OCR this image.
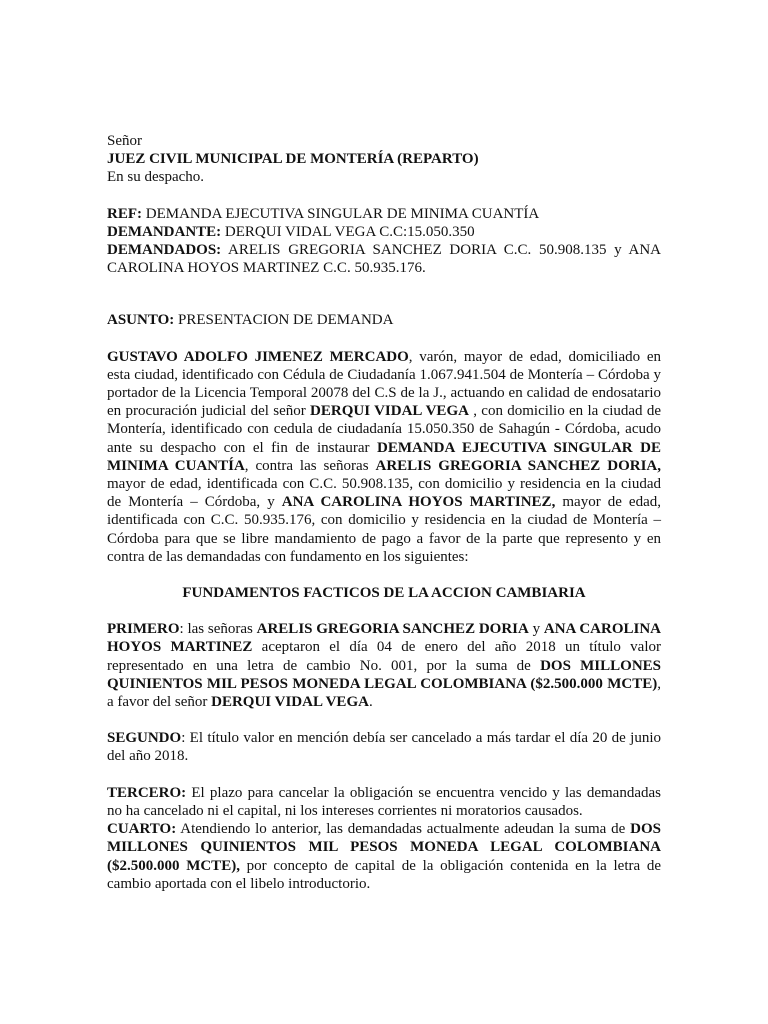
Señor

JUEZ CIVIL MUNICIPAL DE MONTERÍA (REPARTO)

En su despacho.

REF: DEMANDA EJECUTIVA SINGULAR DE MINIMA CUANTÍA

DEMANDANTE: DERQUI VIDAL VEGA C.C:15.050.350

DEMANDADOS: ARELIS GREGORIA SANCHEZ DORIA C.C. 50.908.135 y ANA CAROLINA HOYOS MARTINEZ C.C. 50.935.176.

ASUNTO: PRESENTACION DE DEMANDA

GUSTAVO ADOLFO JIMENEZ MERCADO, varón, mayor de edad, domiciliado en esta ciudad, identificado con Cédula de Ciudadanía 1.067.941.504 de Montería – Córdoba y portador de la Licencia Temporal 20078 del C.S de la J., actuando en calidad de endosatario en procuración judicial del señor DERQUI VIDAL VEGA , con domicilio en la ciudad de Montería, identificado con cedula de ciudadanía 15.050.350 de Sahagún - Córdoba, acudo ante su despacho con el fin de instaurar DEMANDA EJECUTIVA SINGULAR DE MINIMA CUANTÍA, contra las señoras ARELIS GREGORIA SANCHEZ DORIA, mayor de edad, identificada con C.C. 50.908.135, con domicilio y residencia en la ciudad de Montería – Córdoba, y ANA CAROLINA HOYOS MARTINEZ, mayor de edad, identificada con C.C. 50.935.176, con domicilio y residencia en la ciudad de Montería – Córdoba para que se libre mandamiento de pago a favor de la parte que represento y en contra de las demandadas con fundamento en los siguientes:

FUNDAMENTOS FACTICOS DE LA ACCION CAMBIARIA

PRIMERO: las señoras ARELIS GREGORIA SANCHEZ DORIA y ANA CAROLINA HOYOS MARTINEZ aceptaron el día 04 de enero del año 2018 un título valor representado en una letra de cambio No. 001, por la suma de DOS MILLONES QUINIENTOS MIL PESOS MONEDA LEGAL COLOMBIANA ($2.500.000 MCTE), a favor del señor DERQUI VIDAL VEGA.

SEGUNDO: El título valor en mención debía ser cancelado a más tardar el día 20 de junio del año 2018.

TERCERO: El plazo para cancelar la obligación se encuentra vencido y las demandadas no ha cancelado ni el capital, ni los intereses corrientes ni moratorios causados.

CUARTO: Atendiendo lo anterior, las demandadas actualmente adeudan la suma de DOS MILLONES QUINIENTOS MIL PESOS MONEDA LEGAL COLOMBIANA ($2.500.000 MCTE), por concepto de capital de la obligación contenida en la letra de cambio aportada con el libelo introductorio.
